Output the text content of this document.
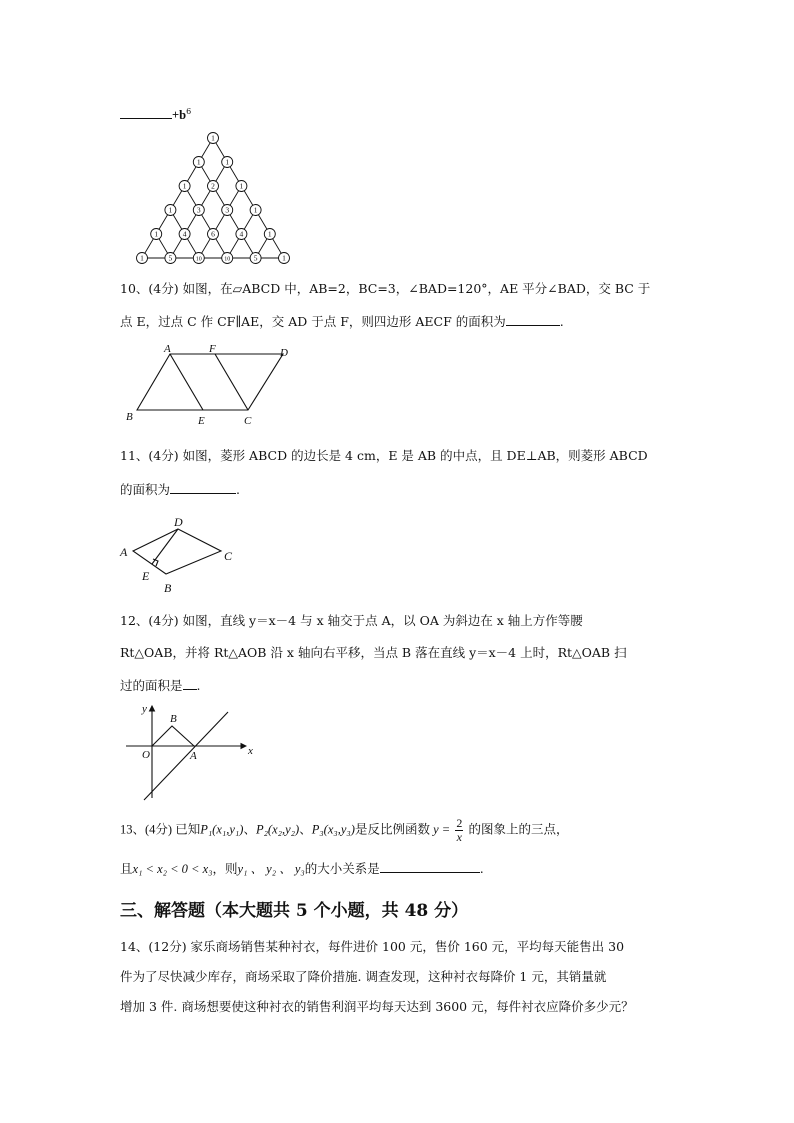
$+b^6$
1
1	1
1	2	1
1	3	3	1
1	4	6	4	1
1	5	10	10	5	1
10、(4分) 如图，在▱ABCD 中，AB=2，BC=3，∠BAD=120°，AE 平分∠BAD，交 BC 于
点 E，过点 C 作 CF∥AE，交 AD 于点 F，则四边形 AECF 的面积为	.
A	F	D
B	E	C
11、(4分) 如图，菱形 ABCD 的边长是 4 cm，E 是 AB 的中点，且 DE⊥AB，则菱形 ABCD
的面积为	.
A
D
C
E
B
12、(4分) 如图，直线 y＝x－4 与 x 轴交于点 A，以 OA 为斜边在 x 轴上方作等腰
Rt△OAB，并将 Rt△AOB 沿 x 轴向右平移，当点 B 落在直线 y＝x－4 上时，Rt△OAB 扫
过的面积是 .
y
x
O	A
B
13、(4分) 已知P₁(x₁,y₁)、P₂(x₂,y₂)、P₃(x₃,y₃)是反比例函数 $y = \frac{2}{x}$ 的图象上的三点，
且x₁ < x₂ < 0 < x₃，则y₁ 、 y₂ 、 y₃的大小关系是	.
三、解答题（本大题共 5 个小题，共 48 分）
14、(12分) 家乐商场销售某种衬衣，每件进价 100 元，售价 160 元，平均每天能售出 30
件为了尽快减少库存，商场采取了降价措施. 调查发现，这种衬衣每降价 1 元，其销量就
增加 3 件. 商场想要使这种衬衣的销售利润平均每天达到 3600 元，每件衬衣应降价多少元？
